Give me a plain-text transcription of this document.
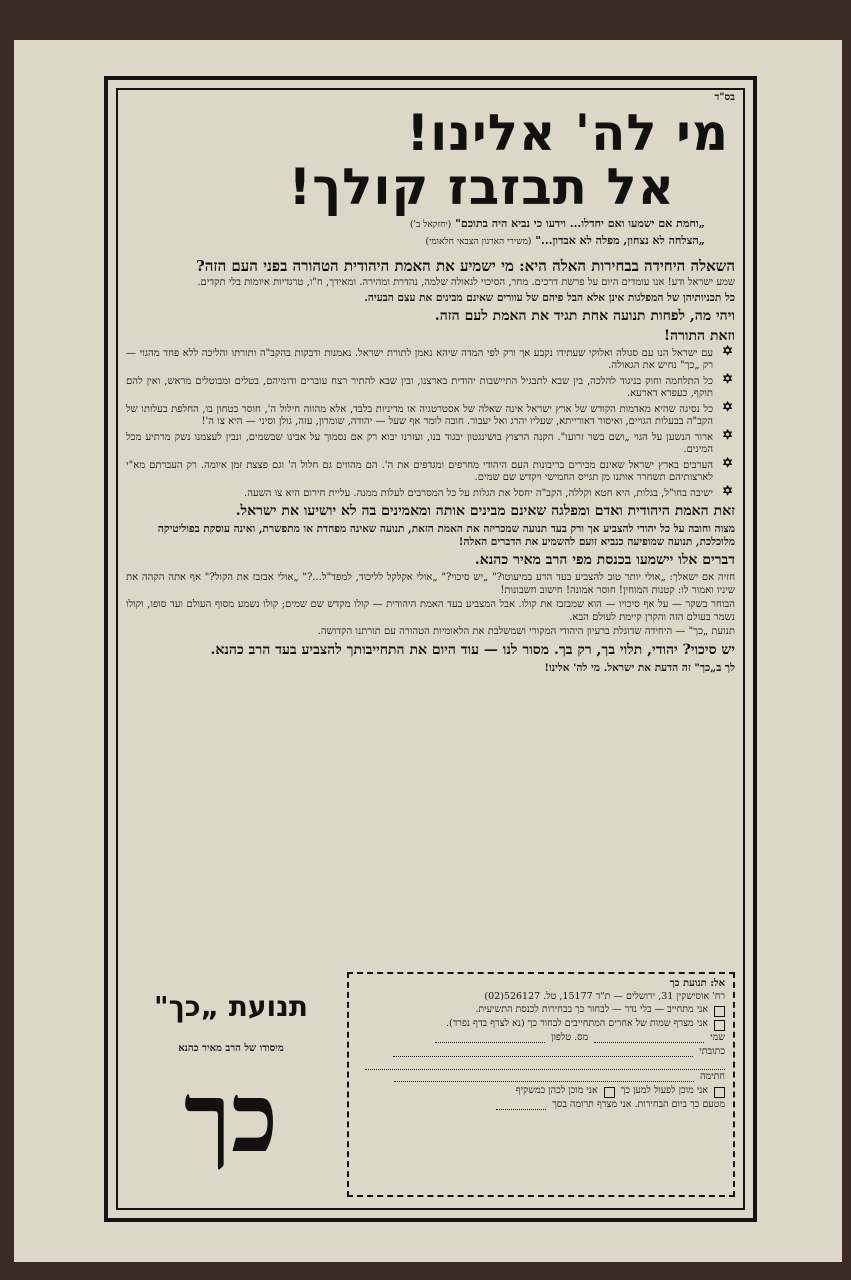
בס"ד

מי לה' אלינו!
אל תבזבז קולך!
„וחמת אם ישמעו ואם יחדלו... וידעו כי נביא היה בתוכם" (יחזקאל ב')
„הצלחה לא נצחון, מפלה לא אבדון..." (משירי הארגון הצבאי חלאומי)
השאלה היחידה בבחירות האלה היא: מי ישמיע את האמת היהודית הטהורה בפני העם הזה?

שמע ישראל ודע! אנו עומדים היום על פרשת דרכים. מחר, הסיכוי לגאולה שלמה, נהדרת ומהירה. ומאידך, ח"ו, טרגדיות איומות בלי תקדים.

כל תכניותיהן של המפלגות אינן אלא הבל פיהם של עוורים שאינם מבינים את עצם הבעיה.

ויהי מה, לפחות תנועה אחת תגיד את האמת לעם הזה.

וזאת התורה!

✡
עם ישראל הנו עם סגולה ואלוקי שעתידו נקבע אך ורק לפי המדה שיהא נאמן לתורת ישראל. נאמנות ודבקות בהקב"ה ותורתו והליכה ללא פחד מהגוי — רק „כך" נחיש את הגאולה.
✡
כל התלחמה וחוק בניגוד להלכה, בין שבא לתבגיל התיישבות יהודית בארצנו, ובין שבא להתיר רצח עוברים ודומיהם, בטלים ומבוטלים מראש, ואין להם תוקף, כעפרא דארעא.
✡
כל נסיגה שהיא מאדמות הקודש של ארץ ישראל אינה שאלה של אסטרטגיה או מדיניות בלבד, אלא מהווה חילול ה', חוסר בטחון בו, החלפת בעלותו של הקב"ה בבעלות הגויים, ואיסור דאורייתא, שעליו יהרג ואל יעבור. חובה לומר אף שעל — יהודה, שומרון, עזה, גולן וסיני — היא צו ה'!
✡
ארור הנשען על הגוי „ושם בשר זרועו". הקנה הרצוץ בושינגטון יבגוד בנו, ועזרנו יבוא רק אם נסמוך על אבינו שבשמים, ונבין לעצמנו נשק מרתיע מכל המינים.
✡
הערבים בארץ ישראל שאינם מכירים בריבונות העם היהודי מחרפים ומגדפים את ה'. הם מהווים גם חלול ה' וגם פצצת זמן איומה. רק העברתם מא"י לארצותיהם תשחרר אותנו מן תגייס החמישי ויקדש שם שמים.
✡
ישיבה בחו"ל, בגלות, היא חטא וקללה, הקב"ה יחסל את הגלות על כל המסרבים לעלות ממנה. עליית חירום היא צו השעה.

זאת האמת היהודית ואדם ומפלגה שאינם מבינים אותה ומאמינים בה לא יושיעו את ישראל.

מצוה וחובה על כל יהודי להצביע אך ורק בעד תנועה שמכריזה את האמת הזאת, תנועה שאינה מפחדת או מתפשרת, ואינה עוסקת בפוליטיקה מלוכלכת, תנועה שמופיעה כנביא זועם להשמיע את הדברים האלה!

דברים אלו יישמעו בכנסת מפי הרב מאיר כהנא.

חזיה אם ישאלך: „אולי יותר טוב להצביע בעד הרע במיעוטו?" „יש סיכוי?" „אולי אקלקל לליכוד, למפד"ל...?" „אולי אבזבז את הקול?" אף אתה הקהה את שיניו ואמור לו: קטנות המוחין! חוסר אמונה! חישוב חשבונות!

הבוחר בשקר — על אף סיכויו — הוא שמבזבז את קולו. אבל המצביע בעד האמת היהודית — קולו מקדש שם שמים; קולו נשמע מסוף העולם ועד סופו, וקולו נשמר בעולם הזה והקרן קיימת לעולם הבא.

תנועת „כך" — היחידה שדוגלת ברעיון היהודי המקורי ושמשלבת את הלאומיות הטהורה עם תורתנו הקדושה.

יש סיכוי? יהודי, תלוי בך, רק בך. מסור לנו — עוד היום את התחייבותך להצביע בעד הרב כהנא.

לך ב„כך" זה הדעת את ישראל. מי לה' אלינו!

אל: תנועת כך
רח' אוסישקין 31, ירושלים — ת"ד 15177, טל. 526127(02)
אני מתחייב — בלי נדר — לבחור כך בבחירות לכנסת התשיעית.
אני מצרף שמות של אחרים המתחייבים לבחור כך (נא לצרף בדף נפרד).
שמי
מס. טלפון
כתובתי
חתימה
אני מוכן לפעול למען כך
אני מוכן לכהן כמשקיף
מטעם כך ביום הבחירות. אני מצרף תרומה בסך
תנועת „כך"
מיסודו של הרב מאיר כהנא
כך
